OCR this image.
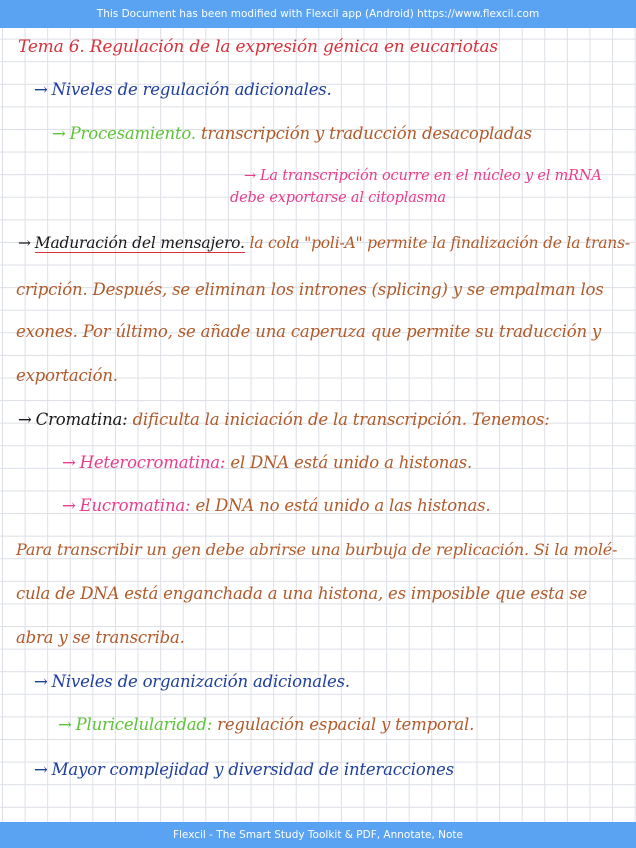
This Document has been modified with Flexcil app (Android) https://www.flexcil.com
Tema 6. Regulación de la expresión génica en eucariotas
→ Niveles de regulación adicionales.
→ Procesamiento. transcripción y traducción desacopladas
→ La transcripción ocurre en el núcleo y el mRNA
debe exportarse al citoplasma
→ Maduración del mensajero. la cola "poli-A" permite la finalización de la trans-
cripción. Después, se eliminan los intrones (splicing) y se empalman los
exones. Por último, se añade una caperuza que permite su traducción y
exportación.
→ Cromatina: dificulta la iniciación de la transcripción. Tenemos:
→ Heterocromatina: el DNA está unido a histonas.
→ Eucromatina: el DNA no está unido a las histonas.
Para transcribir un gen debe abrirse una burbuja de replicación. Si la molé-
cula de DNA está enganchada a una histona, es imposible que esta se
abra y se transcriba.
→ Niveles de organización adicionales.
→ Pluricelularidad: regulación espacial y temporal.
→ Mayor complejidad y diversidad de interacciones
Flexcil - The Smart Study Toolkit & PDF, Annotate, Note
